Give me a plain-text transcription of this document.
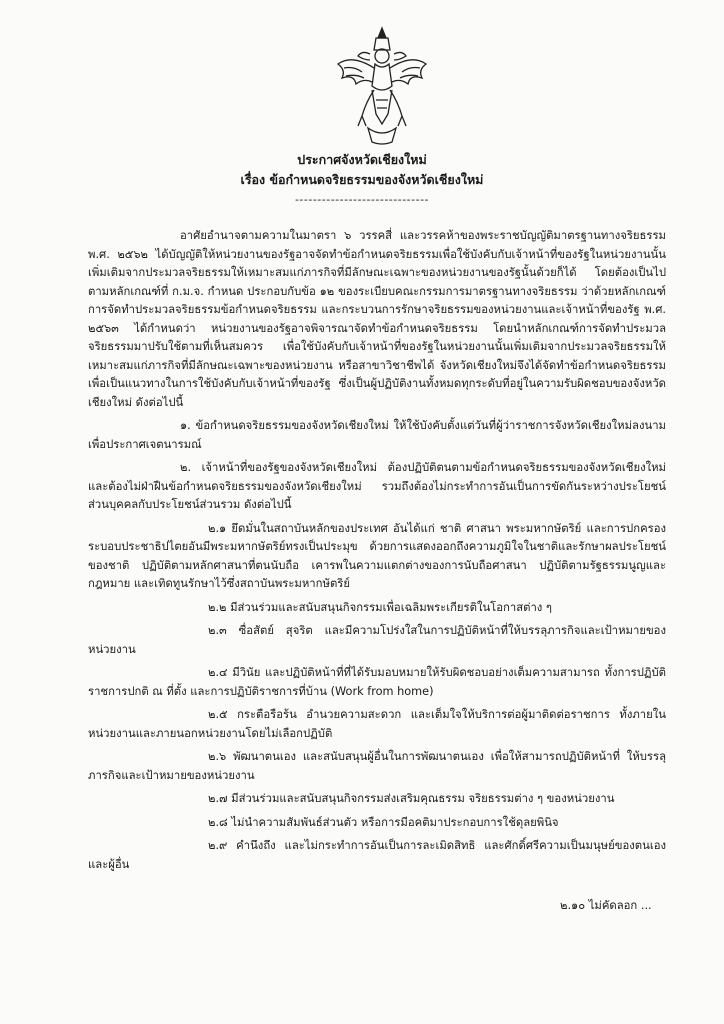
ประกาศจังหวัดเชียงใหม่
เรื่อง ข้อกำหนดจริยธรรมของจังหวัดเชียงใหม่
------------------------------

อาศัยอำนาจตามความในมาตรา ๖ วรรคสี่ และวรรคห้าของพระราชบัญญัติมาตรฐานทางจริยธรรม พ.ศ. ๒๕๖๒ ได้บัญญัติให้หน่วยงานของรัฐอาจจัดทำข้อกำหนดจริยธรรมเพื่อใช้บังคับกับเจ้าหน้าที่ของรัฐในหน่วยงานนั้นเพิ่มเติมจากประมวลจริยธรรมให้เหมาะสมแก่ภารกิจที่มีลักษณะเฉพาะของหน่วยงานของรัฐนั้นด้วยก็ได้ โดยต้องเป็นไปตามหลักเกณฑ์ที่ ก.ม.จ. กำหนด ประกอบกับข้อ ๑๒ ของระเบียบคณะกรรมการมาตรฐานทางจริยธรรม ว่าด้วยหลักเกณฑ์การจัดทำประมวลจริยธรรมข้อกำหนดจริยธรรม และกระบวนการรักษาจริยธรรมของหน่วยงานและเจ้าหน้าที่ของรัฐ พ.ศ. ๒๕๖๓ ได้กำหนดว่า หน่วยงานของรัฐอาจพิจารณาจัดทำข้อกำหนดจริยธรรม โดยนำหลักเกณฑ์การจัดทำประมวลจริยธรรมมาปรับใช้ตามที่เห็นสมควร เพื่อใช้บังคับกับเจ้าหน้าที่ของรัฐในหน่วยงานนั้นเพิ่มเติมจากประมวลจริยธรรมให้เหมาะสมแก่ภารกิจที่มีลักษณะเฉพาะของหน่วยงาน หรือสาขาวิชาชีพได้ จังหวัดเชียงใหม่จึงได้จัดทำข้อกำหนดจริยธรรม เพื่อเป็นแนวทางในการใช้บังคับกับเจ้าหน้าที่ของรัฐ ซึ่งเป็นผู้ปฏิบัติงานทั้งหมดทุกระดับที่อยู่ในความรับผิดชอบของจังหวัดเชียงใหม่ ดังต่อไปนี้

๑. ข้อกำหนดจริยธรรมของจังหวัดเชียงใหม่ ให้ใช้บังคับตั้งแต่วันที่ผู้ว่าราชการจังหวัดเชียงใหม่ลงนามเพื่อประกาศเจตนารมณ์

๒. เจ้าหน้าที่ของรัฐของจังหวัดเชียงใหม่ ต้องปฏิบัติตนตามข้อกำหนดจริยธรรมของจังหวัดเชียงใหม่ และต้องไม่ฝ่าฝืนข้อกำหนดจริยธรรมของจังหวัดเชียงใหม่ รวมถึงต้องไม่กระทำการอันเป็นการขัดกันระหว่างประโยชน์ส่วนบุคคลกับประโยชน์ส่วนรวม ดังต่อไปนี้

๒.๑ ยึดมั่นในสถาบันหลักของประเทศ อันได้แก่ ชาติ ศาสนา พระมหากษัตริย์ และการปกครองระบอบประชาธิปไตยอันมีพระมหากษัตริย์ทรงเป็นประมุข ด้วยการแสดงออกถึงความภูมิใจในชาติและรักษาผลประโยชน์ของชาติ ปฏิบัติตามหลักศาสนาที่ตนนับถือ เคารพในความแตกต่างของการนับถือศาสนา ปฏิบัติตามรัฐธรรมนูญและกฎหมาย และเทิดทูนรักษาไว้ซึ่งสถาบันพระมหากษัตริย์

๒.๒ มีส่วนร่วมและสนับสนุนกิจกรรมเพื่อเฉลิมพระเกียรติในโอกาสต่าง ๆ

๒.๓ ซื่อสัตย์ สุจริต และมีความโปร่งใสในการปฏิบัติหน้าที่ให้บรรลุภารกิจและเป้าหมายของหน่วยงาน

๒.๔ มีวินัย และปฏิบัติหน้าที่ที่ได้รับมอบหมายให้รับผิดชอบอย่างเต็มความสามารถ ทั้งการปฏิบัติราชการปกติ ณ ที่ตั้ง และการปฏิบัติราชการที่บ้าน (Work from home)

๒.๕ กระตือรือร้น อำนวยความสะดวก และเต็มใจให้บริการต่อผู้มาติดต่อราชการ ทั้งภายในหน่วยงานและภายนอกหน่วยงานโดยไม่เลือกปฏิบัติ

๒.๖ พัฒนาตนเอง และสนับสนุนผู้อื่นในการพัฒนาตนเอง เพื่อให้สามารถปฏิบัติหน้าที่ ให้บรรลุภารกิจและเป้าหมายของหน่วยงาน

๒.๗ มีส่วนร่วมและสนับสนุนกิจกรรมส่งเสริมคุณธรรม จริยธรรมต่าง ๆ ของหน่วยงาน

๒.๘ ไม่นำความสัมพันธ์ส่วนตัว หรือการมีอคติมาประกอบการใช้ดุลยพินิจ

๒.๙ คำนึงถึง และไม่กระทำการอันเป็นการละเมิดสิทธิ และศักดิ์ศรีความเป็นมนุษย์ของตนเอง และผู้อื่น

๒.๑๐ ไม่คัดลอก ...
